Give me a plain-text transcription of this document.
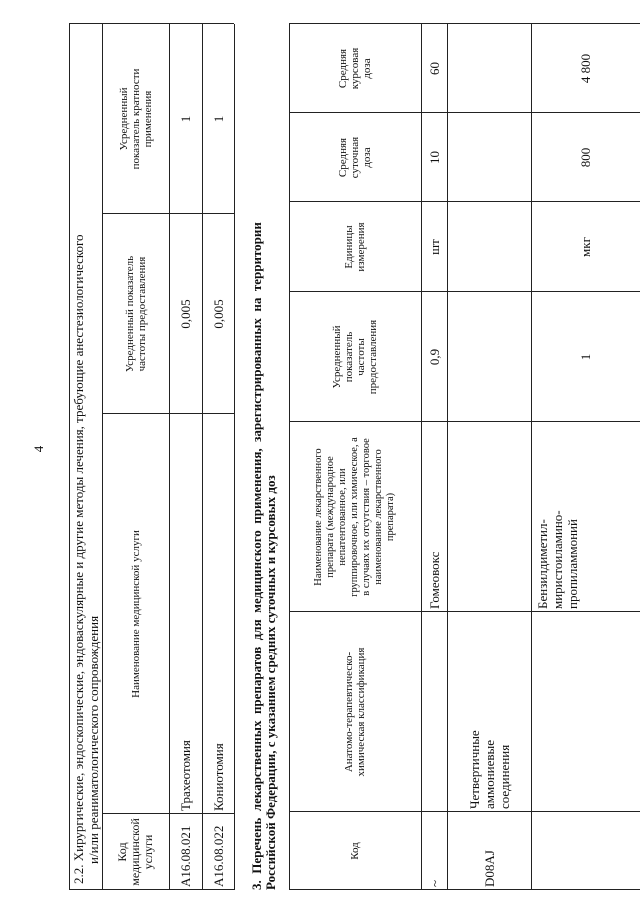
4
2.2. Хирургические, эндоскопические, эндоваскулярные и другие методы лечения, требующие анестезиологического
и/или реаниматологического сопровождения	Код медицинской услуги
Наименование медицинской услуги
Усредненный показатель частоты предоставления
Усредненный показатель кратности применения
A16.08.021
Трахеотомия
0,005
1
A16.08.022
Кониотомия
0,005
1
3.  Перечень  лекарственных  препаратов  для  медицинского  применения,  зарегистрированных  на  территории Российской Федерации, с указанием средних суточных и курсовых доз	Код
Анатомо-терапевтическо-химическая классификация
Наименование лекарственного препарата (международное непатентованное, или группировочное, или химическое, а в случаях их отсутствия – торговое наименование лекарственного препарата)
Усредненный показатель частоты предоставления
Единицы измерения
Средняя суточная доза
Средняя курсовая доза
~
Гомеовокс
0,9
шт
10
60
D08AJ
Четвертичные аммониевые соединения
Бензилдиметил-миристоиламино-пропиламмоний
1
мкг
800
4 800
